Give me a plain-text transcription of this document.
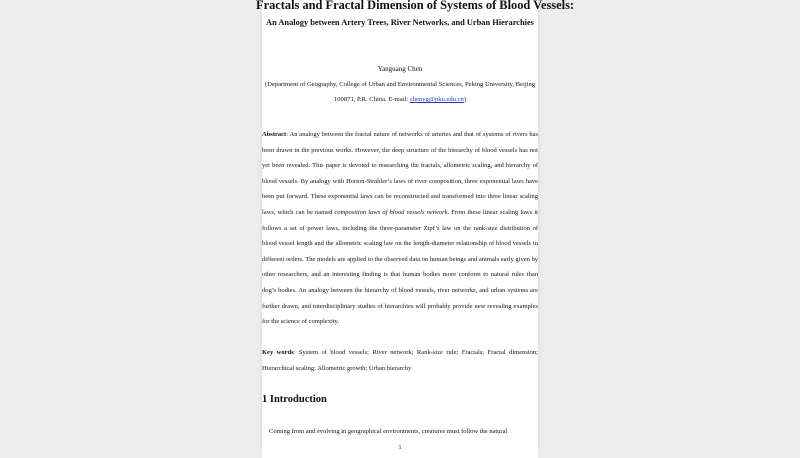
Fractals and Fractal Dimension of Systems of Blood Vessels:
An Analogy between Artery Trees, River Networks, and Urban Hierarchies
Yanguang Chen
(Department of Geography, College of Urban and Environmental Sciences, Peking University, Beijing
100871, P.R. China. E-mail: chenyg@pku.edu.cn)
Abstract: An analogy between the fractal nature of networks of arteries and that of systems of rivers has been drawn in the previous works. However, the deep structure of the hierarchy of blood vessels has not yet been revealed. This paper is devoted to researching the fractals, allometric scaling, and hierarchy of blood vessels. By analogy with Horton-Strahler’s laws of river composition, three exponential laws have been put forward. These exponential laws can be reconstructed and transformed into three linear scaling laws, which can be named composition laws of blood vessels network. From these linear scaling laws it follows a set of power laws, including the three-parameter Zipf’s law on the rank-size distribution of blood vessel length and the allometric scaling law on the length-diameter relationship of blood vessels in different orders. The models are applied to the observed data on human beings and animals early given by other researchers, and an interesting finding is that human bodies more conform to natural rules than dog’s bodies. An analogy between the hierarchy of blood vessels, river networks, and urban systems are further drawn, and interdisciplinary studies of hierarchies will probably provide new revealing examples for the science of complexity.
Key words: System of blood vessels; River network; Rank-size rule; Fractals; Fractal dimension; Hierarchical scaling; Allometric growth; Urban hierarchy
1 Introduction
Coming from and evolving in geographical environments, creatures must follow the natural
1
